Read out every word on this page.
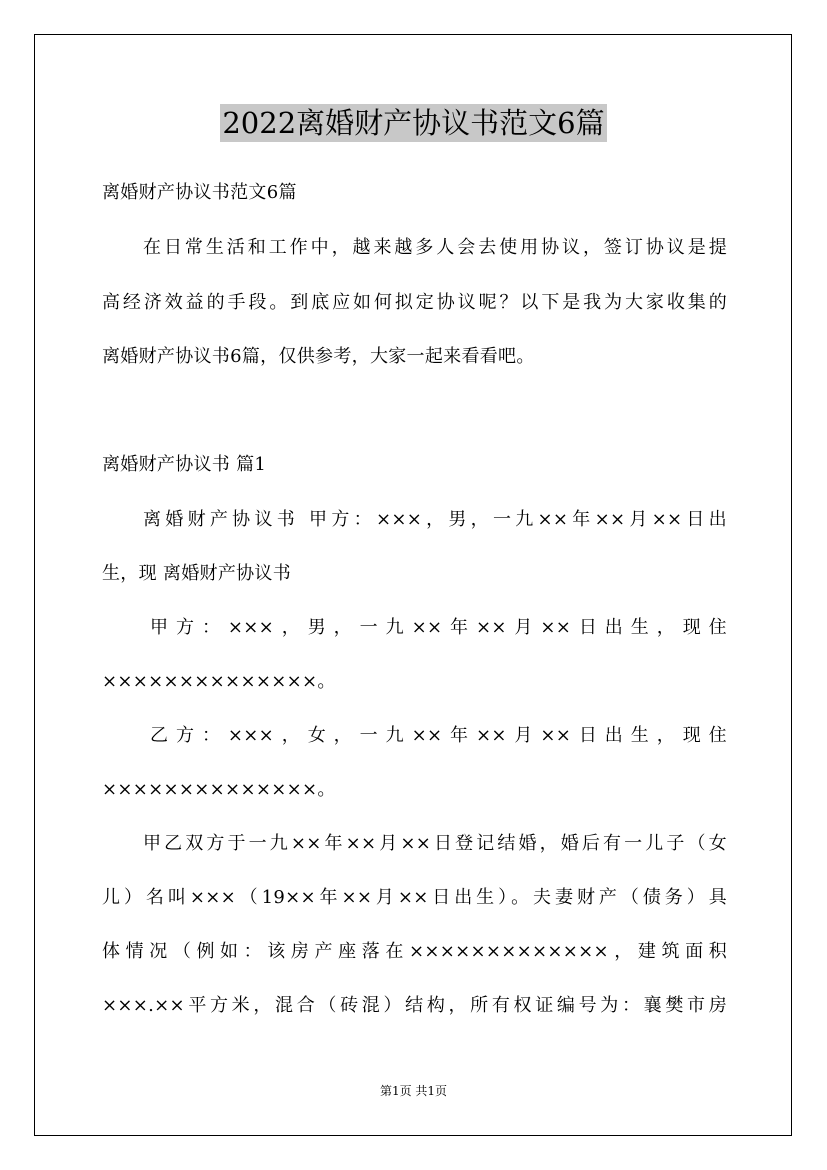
2022离婚财产协议书范文6篇
离婚财产协议书范文6篇
在日常生活和工作中，越来越多人会去使用协议，签订协议是提
高经济效益的手段。到底应如何拟定协议呢？以下是我为大家收集的
离婚财产协议书6篇，仅供参考，大家一起来看看吧。
离婚财产协议书 篇1
离婚财产协议书 甲方：×××，男，一九××年××月××日出
生，现 离婚财产协议书
甲方：×××，男，一九××年××月××日出生，现住
××××××××××××××。
乙方：×××，女，一九××年××月××日出生，现住
××××××××××××××。
甲乙双方于一九××年××月××日登记结婚，婚后有一儿子（女
儿）名叫×××（19××年××月××日出生）。夫妻财产（债务）具
体情况（例如：该房产座落在×××××××××××××，建筑面积
×××.××平方米，混合（砖混）结构，所有权证编号为：襄樊市房
第1页 共1页
